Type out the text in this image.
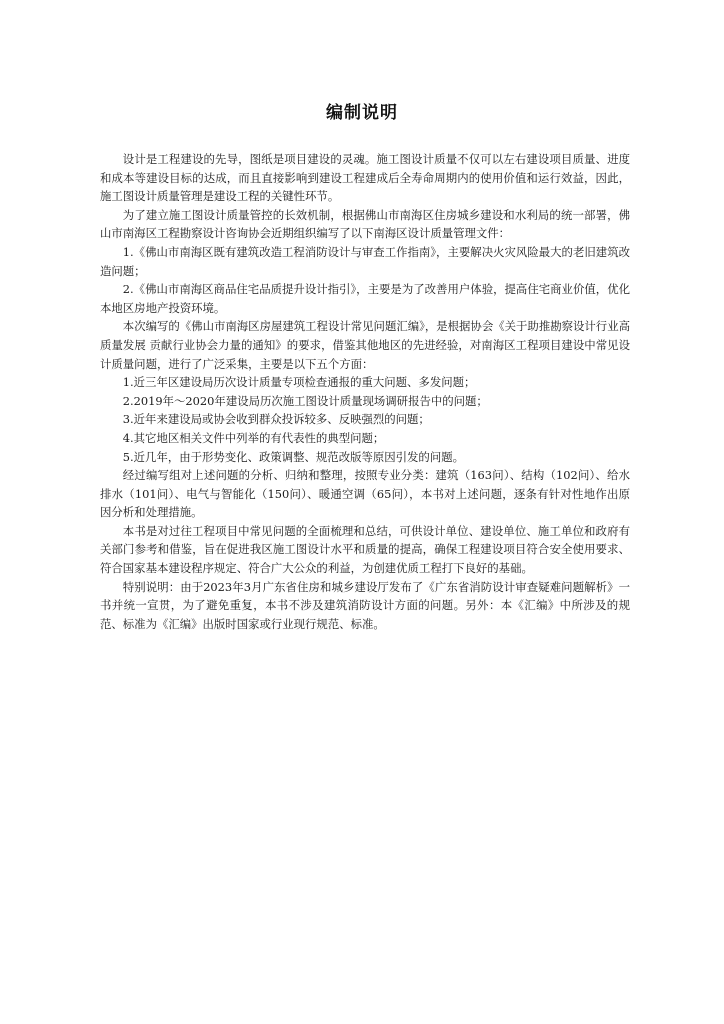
编制说明

设计是工程建设的先导，图纸是项目建设的灵魂。施工图设计质量不仅可以左右建设项目质量、进度和成本等建设目标的达成，而且直接影响到建设工程建成后全寿命周期内的使用价值和运行效益，因此，施工图设计质量管理是建设工程的关键性环节。

为了建立施工图设计质量管控的长效机制，根据佛山市南海区住房城乡建设和水利局的统一部署，佛山市南海区工程勘察设计咨询协会近期组织编写了以下南海区设计质量管理文件：

1.《佛山市南海区既有建筑改造工程消防设计与审查工作指南》，主要解决火灾风险最大的老旧建筑改造问题；

2.《佛山市南海区商品住宅品质提升设计指引》，主要是为了改善用户体验，提高住宅商业价值，优化本地区房地产投资环境。

本次编写的《佛山市南海区房屋建筑工程设计常见问题汇编》，是根据协会《关于助推勘察设计行业高质量发展 贡献行业协会力量的通知》的要求，借鉴其他地区的先进经验，对南海区工程项目建设中常见设计质量问题，进行了广泛采集，主要是以下五个方面：

1.近三年区建设局历次设计质量专项检查通报的重大问题、多发问题；

2.2019年～2020年建设局历次施工图设计质量现场调研报告中的问题；

3.近年来建设局或协会收到群众投诉较多、反映强烈的问题；

4.其它地区相关文件中列举的有代表性的典型问题；

5.近几年，由于形势变化、政策调整、规范改版等原因引发的问题。

经过编写组对上述问题的分析、归纳和整理，按照专业分类：建筑（163问）、结构（102问）、给水排水（101问）、电气与智能化（150问）、暖通空调（65问），本书对上述问题，逐条有针对性地作出原因分析和处理措施。

本书是对过往工程项目中常见问题的全面梳理和总结，可供设计单位、建设单位、施工单位和政府有关部门参考和借鉴，旨在促进我区施工图设计水平和质量的提高，确保工程建设项目符合安全使用要求、符合国家基本建设程序规定、符合广大公众的利益，为创建优质工程打下良好的基础。

特别说明：由于2023年3月广东省住房和城乡建设厅发布了《广东省消防设计审查疑难问题解析》一书并统一宣贯，为了避免重复，本书不涉及建筑消防设计方面的问题。另外：本《汇编》中所涉及的规范、标准为《汇编》出版时国家或行业现行规范、标准。
